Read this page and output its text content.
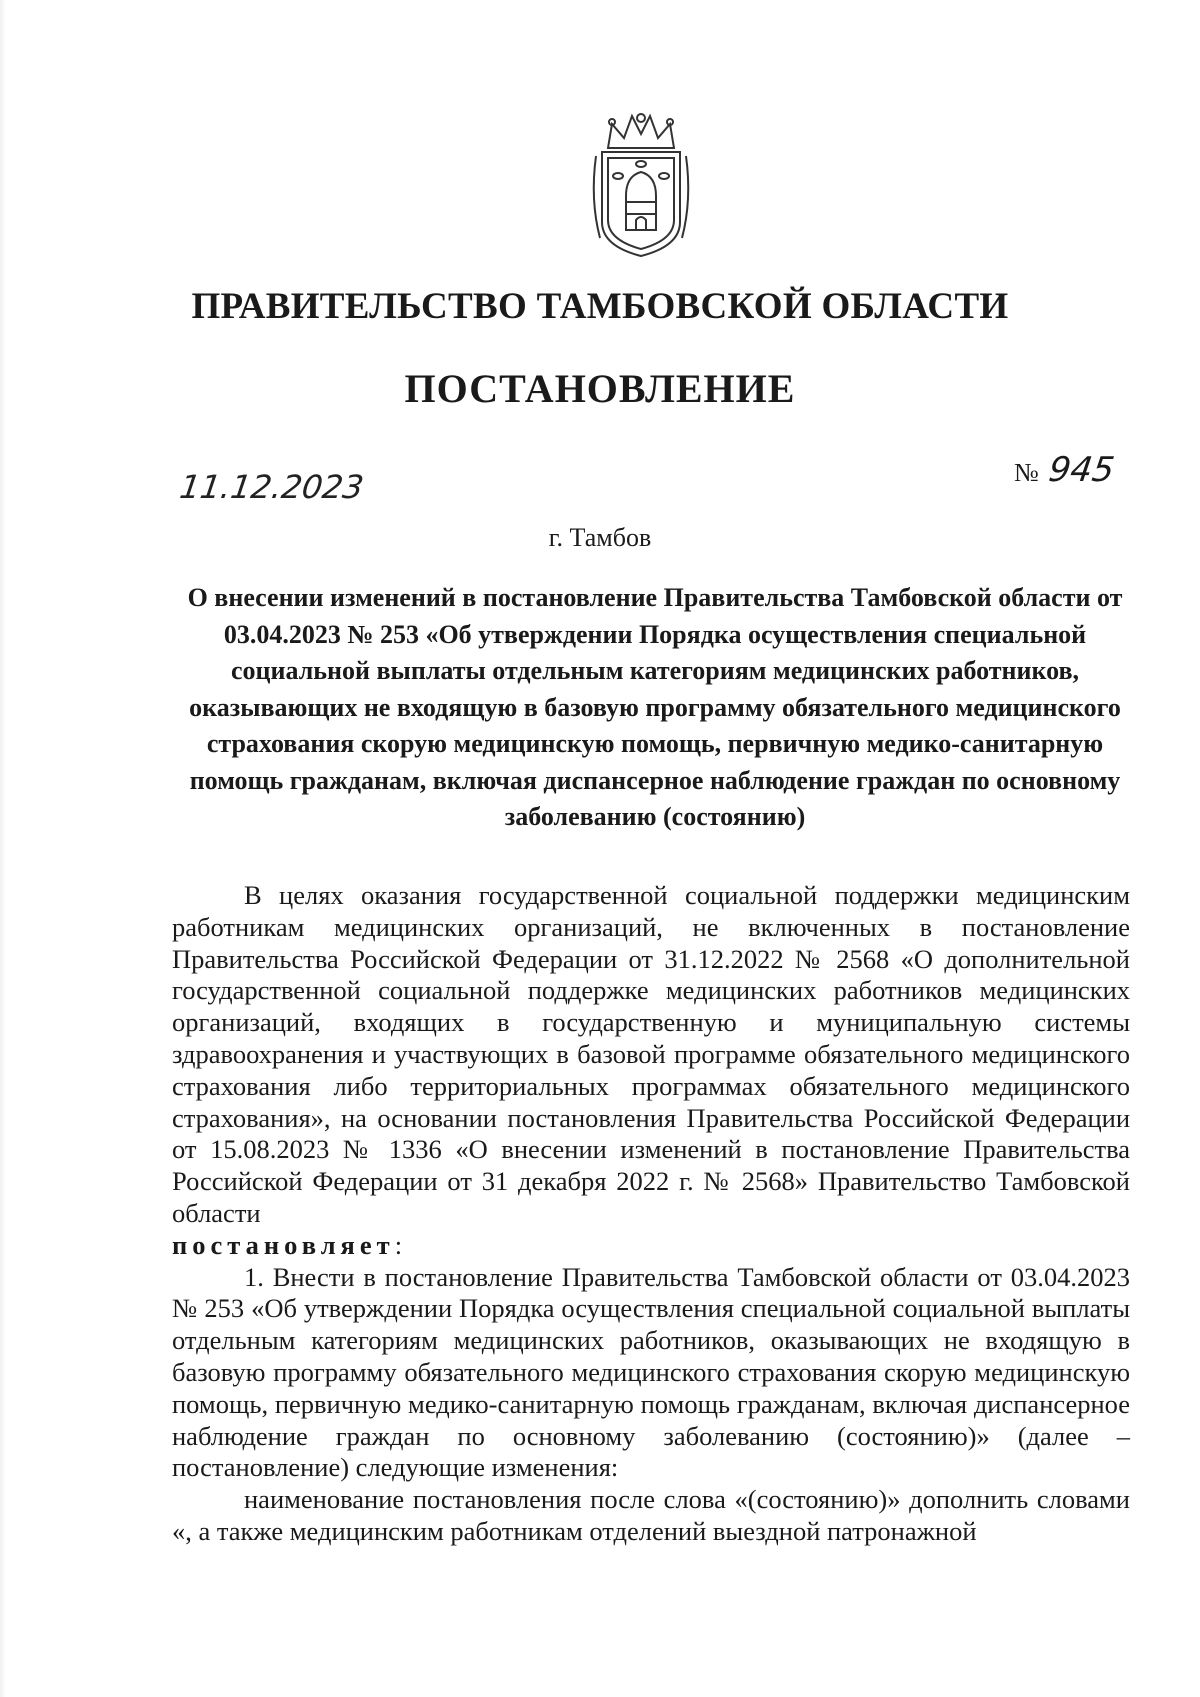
ПРАВИТЕЛЬСТВО ТАМБОВСКОЙ ОБЛАСТИ
ПОСТАНОВЛЕНИЕ
11.12.2023	№ 945
г. Тамбов
О внесении изменений в постановление Правительства Тамбовской области от 03.04.2023 № 253 «Об утверждении Порядка осуществления специальной социальной выплаты отдельным категориям медицинских работников, оказывающих не входящую в базовую программу обязательного медицинского страхования скорую медицинскую помощь, первичную медико-санитарную помощь гражданам, включая диспансерное наблюдение граждан по основному заболеванию (состоянию)

В целях оказания государственной социальной поддержки медицинским работникам медицинских организаций, не включенных в постановление Правительства Российской Федерации от 31.12.2022 № 2568 «О дополнительной государственной социальной поддержке медицинских работников медицинских организаций, входящих в государственную и муниципальную системы здравоохранения и участвующих в базовой программе обязательного медицинского страхования либо территориальных программах обязательного медицинского страхования», на основании постановления Правительства Российской Федерации от 15.08.2023 № 1336 «О внесении изменений в постановление Правительства Российской Федерации от 31 декабря 2022 г. № 2568» Правительство Тамбовской области

постановляет:

1. Внести в постановление Правительства Тамбовской области от 03.04.2023 № 253 «Об утверждении Порядка осуществления специальной социальной выплаты отдельным категориям медицинских работников, оказывающих не входящую в базовую программу обязательного медицинского страхования скорую медицинскую помощь, первичную медико-санитарную помощь гражданам, включая диспансерное наблюдение граждан по основному заболеванию (состоянию)» (далее – постановление) следующие изменения:

наименование постановления после слова «(состоянию)» дополнить словами «, а также медицинским работникам отделений выездной патронажной
